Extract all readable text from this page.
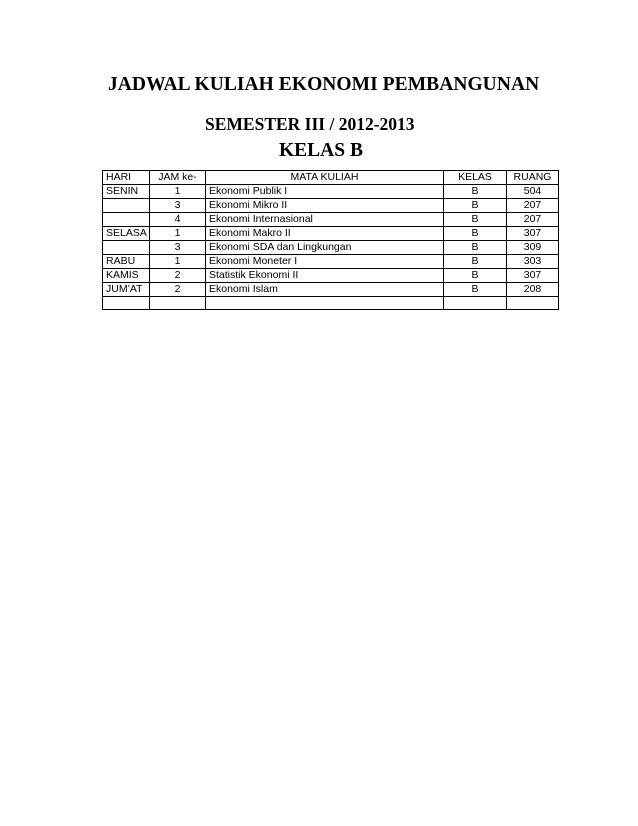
JADWAL KULIAH EKONOMI PEMBANGUNAN
SEMESTER III / 2012-2013
KELAS B
HARI	JAM ke-	MATA KULIAH	KELAS	RUANG
SENIN	1	Ekonomi Publik I	B	504
	3	Ekonomi Mikro II	B	207
	4	Ekonomi Internasional	B	207
SELASA	1	Ekonomi Makro II	B	307
	3	Ekonomi SDA dan Lingkungan	B	309
RABU	1	Ekonomi Moneter I	B	303
KAMIS	2	Statistik Ekonomi II	B	307
JUM’AT	2	Ekonomi Islam	B	208
